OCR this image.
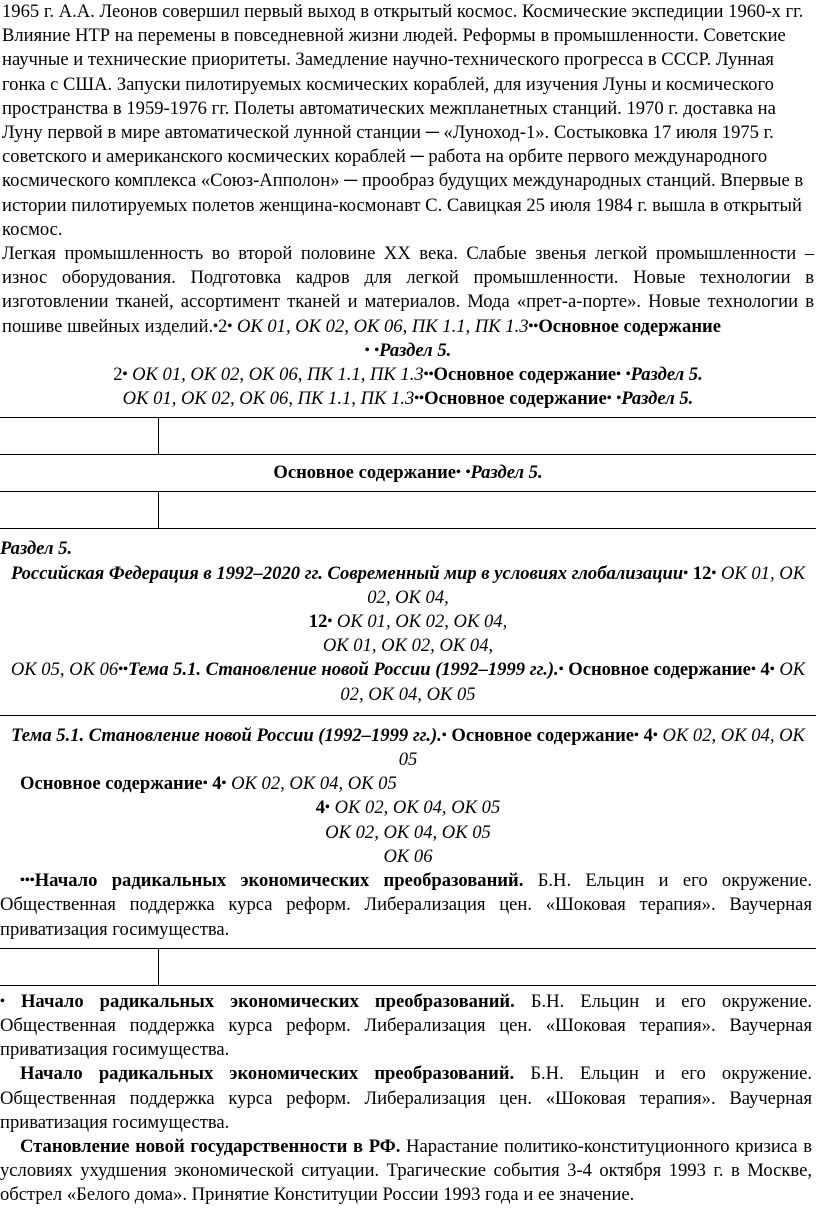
1965 г. А.А. Леонов совершил первый выход в открытый космос. Космические экспедиции 1960-х гг.

Влияние НТР на перемены в повседневной жизни людей. Реформы в промышленности. Советские научные и технические приоритеты. Замедление научно-технического прогресса в СССР. Лунная гонка с США. Запуски пилотируемых космических кораблей, для изучения Луны и космического пространства в 1959-1976 гг. Полеты автоматических межпланетных станций. 1970 г. доставка на Луну первой в мире автоматической лунной станции ─ «Луноход-1». Состыковка 17 июля 1975 г. советского и американского космических кораблей ─ работа на орбите первого международного космического комплекса «Союз-Апполон» ─ прообраз будущих международных станций. Впервые в истории пилотируемых полетов женщина-космонавт С. Савицкая 25 июля 1984 г. вышла в открытый космос.

Легкая промышленность во второй половине ХХ века. Слабые звенья легкой промышленности – износ оборудования. Подготовка кадров для легкой промышленности. Новые технологии в изготовлении тканей, ассортимент тканей и материалов. Мода «прет-а-порте». Новые технологии в пошиве швейных изделий.•2• ОК 01, ОК 02, ОК 06, ПК 1.1, ПК 1.3••Основное содержание

• •Раздел 5.

2• ОК 01, ОК 02, ОК 06, ПК 1.1, ПК 1.3••Основное содержание• •Раздел 5.

ОК 01, ОК 02, ОК 06, ПК 1.1, ПК 1.3••Основное содержание• •Раздел 5.

Основное содержание• •Раздел 5.

Раздел 5.

Российская Федерация в 1992–2020 гг. Современный мир в условиях глобализации• 12• ОК 01, ОК 02, ОК 04,

12• ОК 01, ОК 02, ОК 04,

ОК 01, ОК 02, ОК 04,

ОК 05, ОК 06••Тема 5.1. Становление новой России (1992–1999 гг.).• Основное содержание• 4• ОК 02, ОК 04, ОК 05

Тема 5.1. Становление новой России (1992–1999 гг.).• Основное содержание• 4• ОК 02, ОК 04, ОК 05

Основное содержание• 4• ОК 02, ОК 04, ОК 05

4• ОК 02, ОК 04, ОК 05

ОК 02, ОК 04, ОК 05

ОК 06

•••Начало радикальных экономических преобразований. Б.Н. Ельцин и его окружение. Общественная поддержка курса реформ. Либерализация цен. «Шоковая терапия». Ваучерная приватизация госимущества.

• Начало радикальных экономических преобразований. Б.Н. Ельцин и его окружение. Общественная поддержка курса реформ. Либерализация цен. «Шоковая терапия». Ваучерная приватизация госимущества.

Начало радикальных экономических преобразований. Б.Н. Ельцин и его окружение. Общественная поддержка курса реформ. Либерализация цен. «Шоковая терапия». Ваучерная приватизация госимущества.

Становление новой государственности в РФ. Нарастание политико-конституционного кризиса в условиях ухудшения экономической ситуации. Трагические события 3-4 октября 1993 г. в Москве, обстрел «Белого дома». Принятие Конституции России 1993 года и ее значение.
